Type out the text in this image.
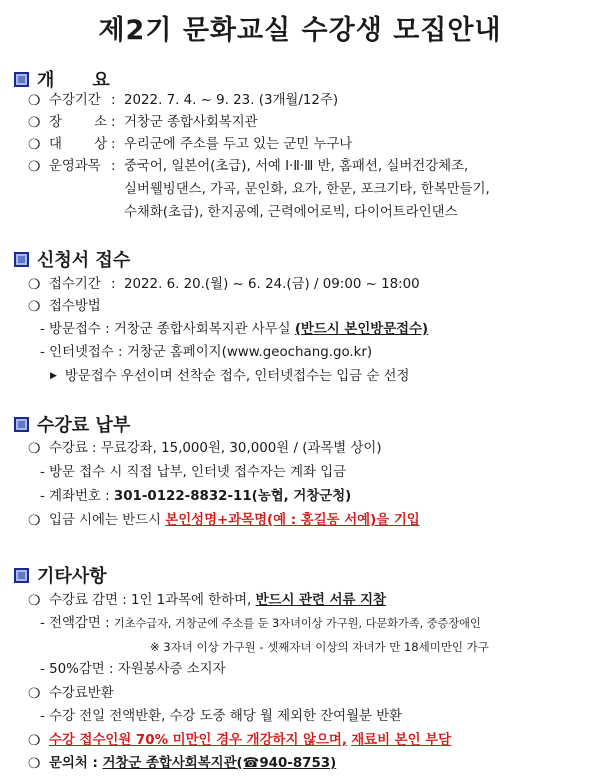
제2기 문화교실 수강생 모집안내
개 요
❍ 수강기간 : 2022. 7. 4. ~ 9. 23. (3개월/12주)
❍ 장 소 : 거창군 종합사회복지관
❍ 대 상 : 우리군에 주소를 두고 있는 군민 누구나
❍ 운영과목 : 중국어, 일본어(초급), 서예 Ⅰ·Ⅱ·Ⅲ 반, 홈패션, 실버건강체조,
실버웰빙댄스, 가곡, 문인화, 요가, 한문, 포크기타, 한복만들기,
수채화(초급), 한지공예, 근력에어로빅, 다이어트라인댄스
신청서 접수
❍ 접수기간 : 2022. 6. 20.(월) ~ 6. 24.(금) / 09:00 ~ 18:00
❍ 접수방법
- 방문접수 : 거창군 종합사회복지관 사무실 (반드시 본인방문접수)
- 인터넷접수 : 거창군 홈페이지(www.geochang.go.kr)
▶ 방문접수 우선이며 선착순 접수, 인터넷접수는 입금 순 선정
수강료 납부
❍ 수강료 : 무료강좌, 15,000원, 30,000원 / (과목별 상이)
- 방문 접수 시 직접 납부, 인터넷 접수자는 계좌 입금
- 계좌번호 : 301-0122-8832-11(농협, 거창군청)
❍ 입금 시에는 반드시 본인성명+과목명(예 : 홍길동 서예)을 기입
기타사항
❍ 수강료 감면 : 1인 1과목에 한하며, 반드시 관련 서류 지참
- 전액감면 : 기초수급자, 거창군에 주소를 둔 3자녀이상 가구원, 다문화가족, 중증장애인
※ 3자녀 이상 가구원 - 셋째자녀 이상의 자녀가 만 18세미만인 가구
- 50%감면 : 자원봉사증 소지자
❍ 수강료반환
- 수강 전일 전액반환, 수강 도중 해당 월 제외한 잔여월분 반환
❍ 수강 접수인원 70% 미만인 경우 개강하지 않으며, 재료비 본인 부담
❍ 문의처 : 거창군 종합사회복지관(☎940-8753)
